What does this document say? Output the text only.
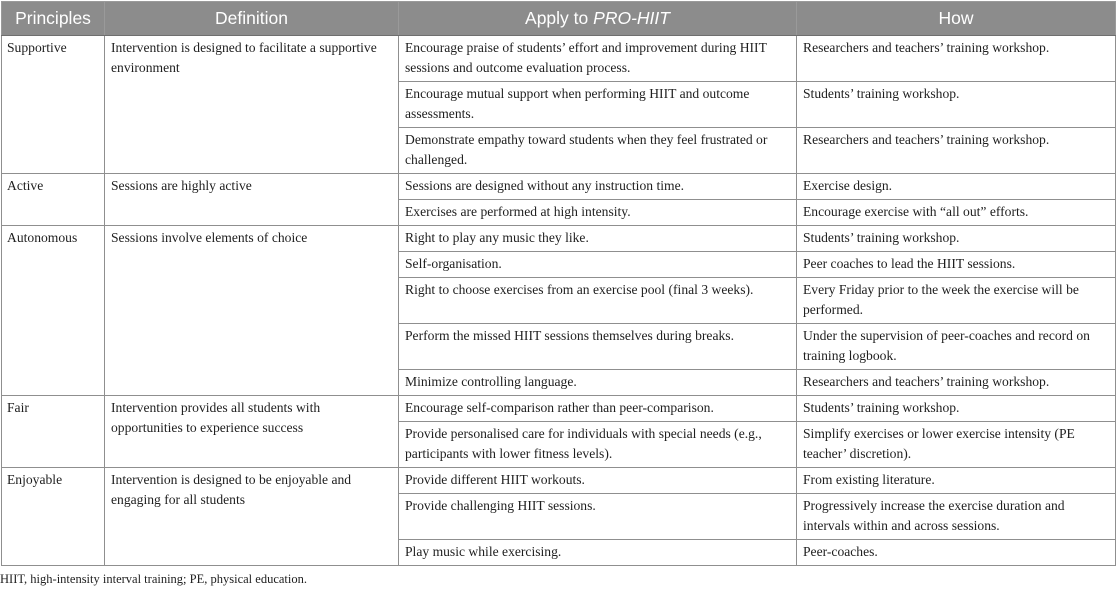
Principles	Definition	Apply to PRO-HIIT	How
Supportive	Intervention is designed to facilitate a supportive environment	Encourage praise of students’ effort and improvement during HIIT sessions and outcome evaluation process.	Researchers and teachers’ training workshop.
		Encourage mutual support when performing HIIT and outcome assessments.	Students’ training workshop.
		Demonstrate empathy toward students when they feel frustrated or challenged.	Researchers and teachers’ training workshop.
Active	Sessions are highly active	Sessions are designed without any instruction time.	Exercise design.
		Exercises are performed at high intensity.	Encourage exercise with “all out” efforts.
Autonomous	Sessions involve elements of choice	Right to play any music they like.	Students’ training workshop.
		Self-organisation.	Peer coaches to lead the HIIT sessions.
		Right to choose exercises from an exercise pool (final 3 weeks).	Every Friday prior to the week the exercise will be performed.
		Perform the missed HIIT sessions themselves during breaks.	Under the supervision of peer-coaches and record on training logbook.
		Minimize controlling language.	Researchers and teachers’ training workshop.
Fair	Intervention provides all students with opportunities to experience success	Encourage self-comparison rather than peer-comparison.	Students’ training workshop.
		Provide personalised care for individuals with special needs (e.g., participants with lower fitness levels).	Simplify exercises or lower exercise intensity (PE teacher’ discretion).
Enjoyable	Intervention is designed to be enjoyable and engaging for all students	Provide different HIIT workouts.	From existing literature.
		Provide challenging HIIT sessions.	Progressively increase the exercise duration and intervals within and across sessions.
		Play music while exercising.	Peer-coaches.
HIIT, high-intensity interval training; PE, physical education.
